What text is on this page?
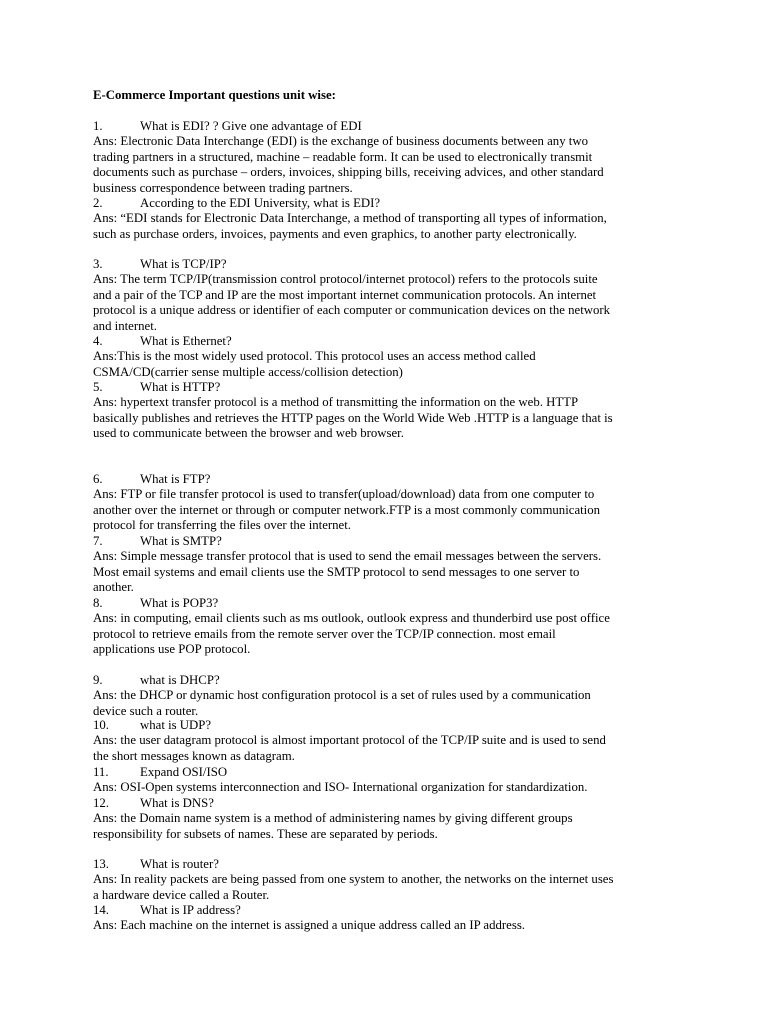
E-Commerce Important questions unit wise:
1.	What is EDI? ? Give one advantage of EDI
Ans: Electronic Data Interchange (EDI) is the exchange of business documents between any two
trading partners in a structured, machine – readable form. It can be used to electronically transmit
documents such as purchase – orders, invoices, shipping bills, receiving advices, and other standard
business correspondence between trading partners.
2.	According to the EDI University, what is EDI?
Ans: “EDI stands for Electronic Data Interchange, a method of transporting all types of information,
such as purchase orders, invoices, payments and even graphics, to another party electronically.
3.	What is TCP/IP?
Ans: The term TCP/IP(transmission control protocol/internet protocol) refers to the protocols suite
and a pair of the TCP and IP are the most important internet communication protocols. An internet
protocol is a unique address or identifier of each computer or communication devices on the network
and internet.
4.	What is Ethernet?
Ans:This is the most widely used protocol. This protocol uses an access method called
CSMA/CD(carrier sense multiple access/collision detection)
5.	What is HTTP?
Ans: hypertext transfer protocol is a method of transmitting the information on the web. HTTP
basically publishes and retrieves the HTTP pages on the World Wide Web .HTTP is a language that is
used to communicate between the browser and web browser.
6.	What is FTP?
Ans: FTP or file transfer protocol is used to transfer(upload/download) data from one computer to
another over the internet or through or computer network.FTP is a most commonly communication
protocol for transferring the files over the internet.
7.	What is SMTP?
Ans: Simple message transfer protocol that is used to send the email messages between the servers.
Most email systems and email clients use the SMTP protocol to send messages to one server to
another.
8.	What is POP3?
Ans: in computing, email clients such as ms outlook, outlook express and thunderbird use post office
protocol to retrieve emails from the remote server over the TCP/IP connection. most email
applications use POP protocol.
9.	what is DHCP?
Ans: the DHCP or dynamic host configuration protocol is a set of rules used by a communication
device such a router.
10. what is UDP?
Ans: the user datagram protocol is almost important protocol of the TCP/IP suite and is used to send
the short messages known as datagram.
11. Expand OSI/ISO
Ans: OSI-Open systems interconnection and ISO- International organization for standardization.
12. What is DNS?
Ans: the Domain name system is a method of administering names by giving different groups
responsibility for subsets of names. These are separated by periods.
13. What is router?
Ans: In reality packets are being passed from one system to another, the networks on the internet uses
a hardware device called a Router.
14. What is IP address?
Ans: Each machine on the internet is assigned a unique address called an IP address.
